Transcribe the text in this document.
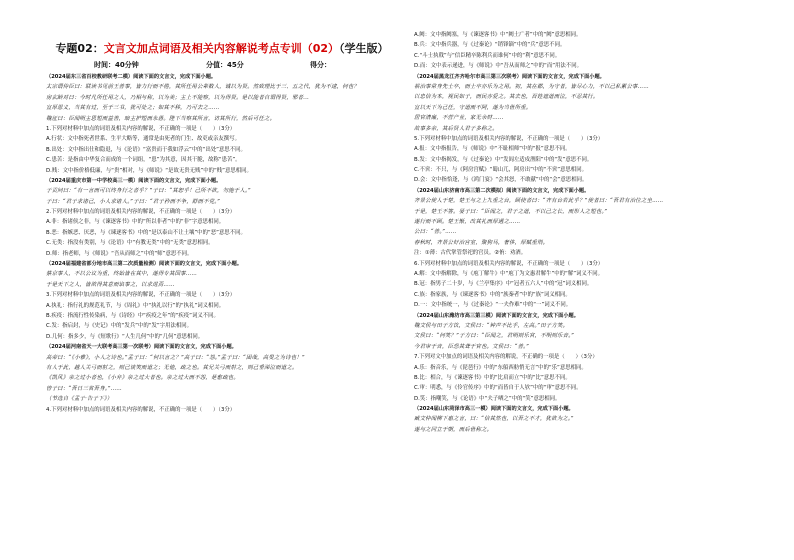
专题02：文言文加点词语及相关内容解说考点专训（02）（学生版）
时间：40分钟	分值：45分	得分：
（2024届东三省百校教研联考二模）阅读下面的文言文，完成下面小题。
太宗谓侍臣曰：联读书见前王善事，皆力行而不倦，其所任用公辈数人，诚以为贤。然致理比于三、五之代，犹为不逮，何也？
房玄龄对曰：今时凡所任用之人，乃相与称，以为美；主上不能察，以为得贤。是以能者自谓得贤，邪者...
宜厚恩义，当其有过，至于三书，犹可处之；如其不移，乃可去之……
魏征曰：臣闻明主思短而益善，暗主护短而永愚。陛下当察其所言，访其所行，然后可任之。
1.下列对材料中加点的词语及相关内容的解说，不正确的一项是（　　）（3分）
A.行状：文中指死者世系、生平大略等，通常是由死者的门生、故吏或亲友撰写。
B.出处：文中指出仕和隐退，与《论语》“富贵而于我如浮云”中的“出处”意思不同。
C.患苦：是指由中华复合而成的一个词组，“患”为其意，因其干脆，故称“患苦”。
D.贱：文中指价格低廉，与“贵”相对，与《师说》“是故无贵无贱”中的“贱”意思相同。
（2024届重庆市第一中学校高三一模）阅读下面的文言文，完成下面小题。
子贡问曰：“有一言而可以终身行之者乎？”子曰：“其恕乎！己所不欲，勿施于人。”
子曰：“君子求诸己，小人求诸人。”子曰：“君子矜而不争，群而不党。”
2.下列对材料中加点的词语及相关内容的解说，不正确的一项是（　　）（3分）
A.非：指诸侯之非，与《谏逐客书》中的“所以非者”中的“非”字意思相同。
B.恶：指嫉恶、厌恶，与《谏逐客书》中的“是以泰山不让土壤”中的“恶”意思不同。
C.无类：指没有类别，与《论语》中“有教无类”中的“无类”意思相同。
D.师：指老师，与《师说》“吾从而师之”中的“师”意思不同。
（2024届福建省部分地市高三第二次质量检测）阅读下面的文言文，完成下面小题。
蔡京事人，不以公议为重，终始皆在其中，遂得专其国事……
于是天下之人，皆欲得其意而谄事之，以求进焉……
3.下列对材料中加点的词语及相关内容的解说，不正确的一项是（　　）（3分）
A.执礼：指行礼的规范礼节，与《周礼》中“执礼以行”的“执礼”词义相同。
B.疾疫：指流行性传染病，与《诗经》中“疾疫之年”的“疾疫”词义不同。
C.发：指启封，与《史记》中的“发兵”中的“发”字用法相同。
D.几何：指多少，与《短歌行》“人生几何”中的“几何”意思相同。
（2024届河南省天一大联考高三第一次联考）阅读下面的文言文，完成下面小题。
高帝曰：“《小雅》，小人之诗也。”孟子曰：“何以言之？”高子曰：“怨。”孟子曰：“固哉，高叟之为诗也！”
有人于此，越人关弓而射之，则己谈笑而道之；无他，疏之也。其兄关弓而射之，则己垂涕泣而道之。
《凯风》亲之过小者也，《小弁》亲之过大者也。亲之过大而不怨，是愈疏也。
曾子曰：“吾日三省吾身。”……
（节选自《孟子·告子下》）
4.下列对材料中加点的词语及相关内容的解说，不正确的一项是（　　）（3分）
A.阙：文中指阙塞，与《谏逐客书》中“阙土广者”中的“阙”意思相同。
B.兵：文中指兵器，与《过秦论》“销锋镝”中的“兵”意思不同。
C.“斗士执戟”与“信臣精卒陈利兵而谁何”中的“利”意思不同。
D.而：文中表示递进，与《师说》中“吾从而师之”中的“而”用法不同。
（2024届黑龙江齐齐哈尔市高三第三次联考）阅读下面的文言文，完成下面小题。
裕治事常身先士卒，而士卒亦乐为之用。初，其在郡，为守者，皆尽心力，不以己私累公事……
以忠信为本，视民如子，而民亦爱之。其去也，百姓遮道而泣，不忍其行。
宜以天下为己任，守道而不阿，遂为当世所重。
居官清廉，不营产业，家无余财……
故事多亲，其后贤人君子多称之。
5.下列对材料中加点的词语及相关内容的解说，不正确的一项是（　　）（3分）
A.报：文中指报告，与《师说》中“不耻相师”中的“报”意思不同。
B.发：文中指揭发，与《过秦论》中“发闾左适戍渔阳”中的“发”意思不同。
C.不啻：不只，与《阿房宫赋》“蜀山兀，阿房出”中的“不啻”意思相同。
D.会：文中指恰逢，与《鸿门宴》“会其怒，不敢献”中的“会”意思相同。
（2024届山东济南市高三第二次模拟）阅读下面的文言文，完成下面小题。
齐景公使人于楚，楚王与之上九重之台，顾使者曰：“齐有台若此乎？”使者曰：“吾君有治位之坐……
于是，楚王不答。晏子曰：“臣闻之，君子之道，不以己之长，而形人之短也。”
遂行而不顾。楚王惭，改其礼而厚遇之……
公曰：“善。”……
春秋时，齐景公好治宫室，聚狗马，奢侈，厚赋重刑。
注：①薄：古代掌管祭祀的官员。②侑：劝酒。
6.下列对材料中加点的词语及相关内容的解说，不正确的一项是（　　）（3分）
A.解：文中指解除，与《庖丁解牛》中“庖丁为文惠君解牛”中的“解”词义不同。
B.冠：指男子二十岁，与《兰亭集序》中“冠者五六人”中的“冠”词义相同。
C.族：指家族，与《谏逐客书》中的“族秦者”中的“族”词义相同。
D.一：文中指统一，与《过秦论》“一夫作难”中的“一”词义不同。
（2024届山东潍坊市高三第三模）阅读下面的文言文，完成下面小题。
魏文侯与田子方饮，文侯曰：“钟声不比乎，左高。”田子方笑。
文侯曰：“何笑？”子方曰：“臣闻之，君明则乐官，不明则乐音。”
今君审于音，臣恐其聋于官也。文侯曰：“善。”
7.下列对文中加点的词语及相关内容的解说，不正确的一项是（　　）（3分）
A.乐：指音乐，与《琵琶行》中的“东船西舫悄无言”中的“乐”意思相同。
B.比：相合，与《谏逐客书》中的“比肩而立”中的“比”意思不同。
C.审：明悉，与《伶官传序》中的“而皆自于人欤”中的“审”意思不同。
D.笑：指嘲笑，与《论语》中“夫子哂之”中的“笑”意思相同。
（2024届山东菏泽市高三一模）阅读下面的文言文，完成下面小题。
臧文仲闻柳下惠之言，曰：“信其然也，以吾之不才，犹欲为之。”
遂与之同立于朝，而后世称之。
